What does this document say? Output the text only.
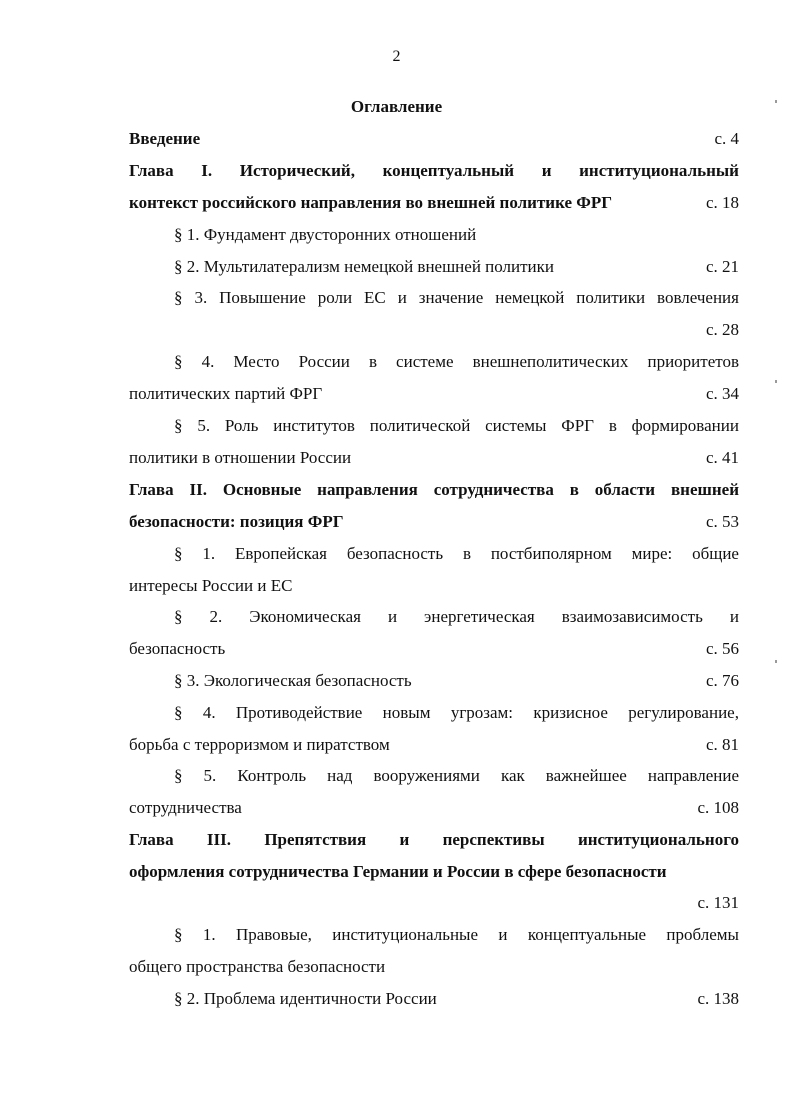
2
Оглавление
Введение	с. 4
Глава I. Исторический, концептуальный и институциональный
контекст российского направления во внешней политике ФРГ	с. 18
§ 1. Фундамент двусторонних отношений
§ 2. Мультилатерализм немецкой внешней политики	с. 21
§ 3. Повышение роли ЕС и значение немецкой политики вовлечения
с. 28
§ 4. Место России в системе внешнеполитических приоритетов
политических партий ФРГ	с. 34
§ 5. Роль институтов политической системы ФРГ в формировании
политики в отношении России	с. 41
Глава II. Основные направления сотрудничества в области внешней
безопасности: позиция ФРГ	с. 53
§ 1. Европейская безопасность в постбиполярном мире: общие
интересы России и ЕС
§ 2. Экономическая и энергетическая взаимозависимость и
безопасность	с. 56
§ 3. Экологическая безопасность	с. 76
§ 4. Противодействие новым угрозам: кризисное регулирование,
борьба с терроризмом и пиратством	с. 81
§ 5. Контроль над вооружениями как важнейшее направление
сотрудничества	с. 108
Глава III. Препятствия и перспективы институционального
оформления сотрудничества Германии и России в сфере безопасности
с. 131
§ 1. Правовые, институциональные и концептуальные проблемы
общего пространства безопасности
§ 2. Проблема идентичности России	с. 138
